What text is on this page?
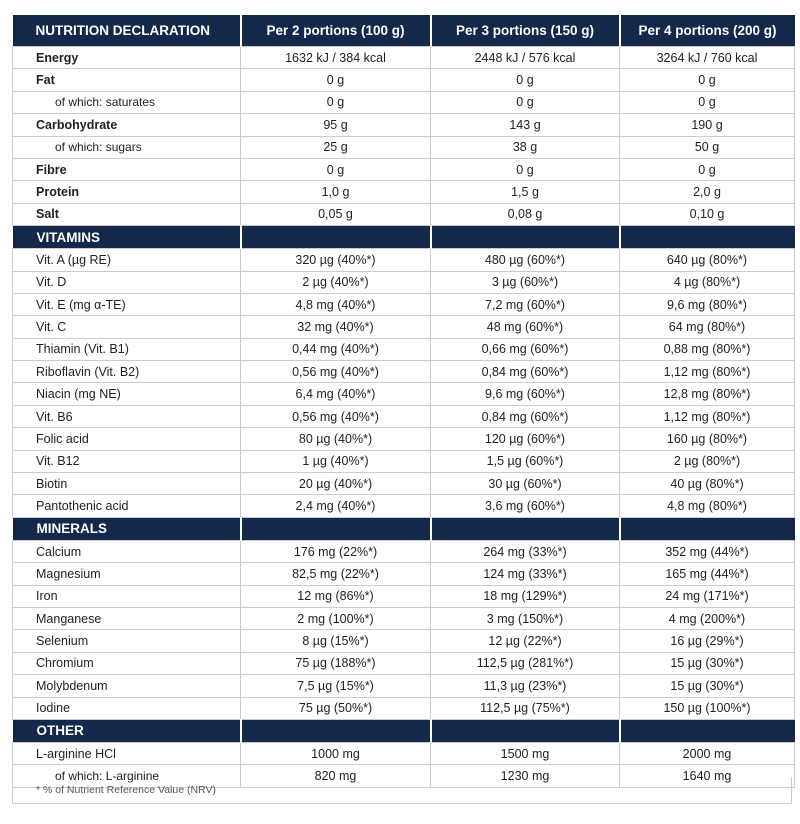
NUTRITION DECLARATION	Per 2 portions (100 g)	Per 3 portions (150 g)	Per 4 portions (200 g)
Energy	1632 kJ / 384 kcal	2448 kJ / 576 kcal	3264 kJ / 760 kcal
Fat	0 g	0 g	0 g
of which: saturates	0 g	0 g	0 g
Carbohydrate	95 g	143 g	190 g
of which: sugars	25 g	38 g	50 g
Fibre	0 g	0 g	0 g
Protein	1,0 g	1,5 g	2,0 g
Salt	0,05 g	0,08 g	0,10 g
VITAMINS			
Vit. A (µg RE)	320 µg (40%*)	480 µg (60%*)	640 µg (80%*)
Vit. D	2 µg (40%*)	3 µg (60%*)	4 µg (80%*)
Vit. E (mg α-TE)	4,8 mg (40%*)	7,2 mg (60%*)	9,6 mg (80%*)
Vit. C	32 mg (40%*)	48 mg (60%*)	64 mg (80%*)
Thiamin (Vit. B1)	0,44 mg (40%*)	0,66 mg (60%*)	0,88 mg (80%*)
Riboflavin (Vit. B2)	0,56 mg (40%*)	0,84 mg (60%*)	1,12 mg (80%*)
Niacin (mg NE)	6,4 mg (40%*)	9,6 mg (60%*)	12,8 mg (80%*)
Vit. B6	0,56 mg (40%*)	0,84 mg (60%*)	1,12 mg (80%*)
Folic acid	80 µg (40%*)	120 µg (60%*)	160 µg (80%*)
Vit. B12	1 µg (40%*)	1,5 µg (60%*)	2 µg (80%*)
Biotin	20 µg (40%*)	30 µg (60%*)	40 µg (80%*)
Pantothenic acid	2,4 mg (40%*)	3,6 mg (60%*)	4,8 mg (80%*)
MINERALS			
Calcium	176 mg (22%*)	264 mg (33%*)	352 mg (44%*)
Magnesium	82,5 mg (22%*)	124 mg (33%*)	165 mg (44%*)
Iron	12 mg (86%*)	18 mg (129%*)	24 mg (171%*)
Manganese	2 mg (100%*)	3 mg (150%*)	4 mg (200%*)
Selenium	8 µg (15%*)	12 µg (22%*)	16 µg (29%*)
Chromium	75 µg (188%*)	112,5 µg (281%*)	15 µg (30%*)
Molybdenum	7,5 µg (15%*)	11,3 µg (23%*)	15 µg (30%*)
Iodine	75 µg (50%*)	112,5 µg (75%*)	150 µg (100%*)
OTHER			
L-arginine HCl	1000 mg	1500 mg	2000 mg
of which: L-arginine	820 mg	1230 mg	1640 mg
* % of Nutrient Reference Value (NRV)
